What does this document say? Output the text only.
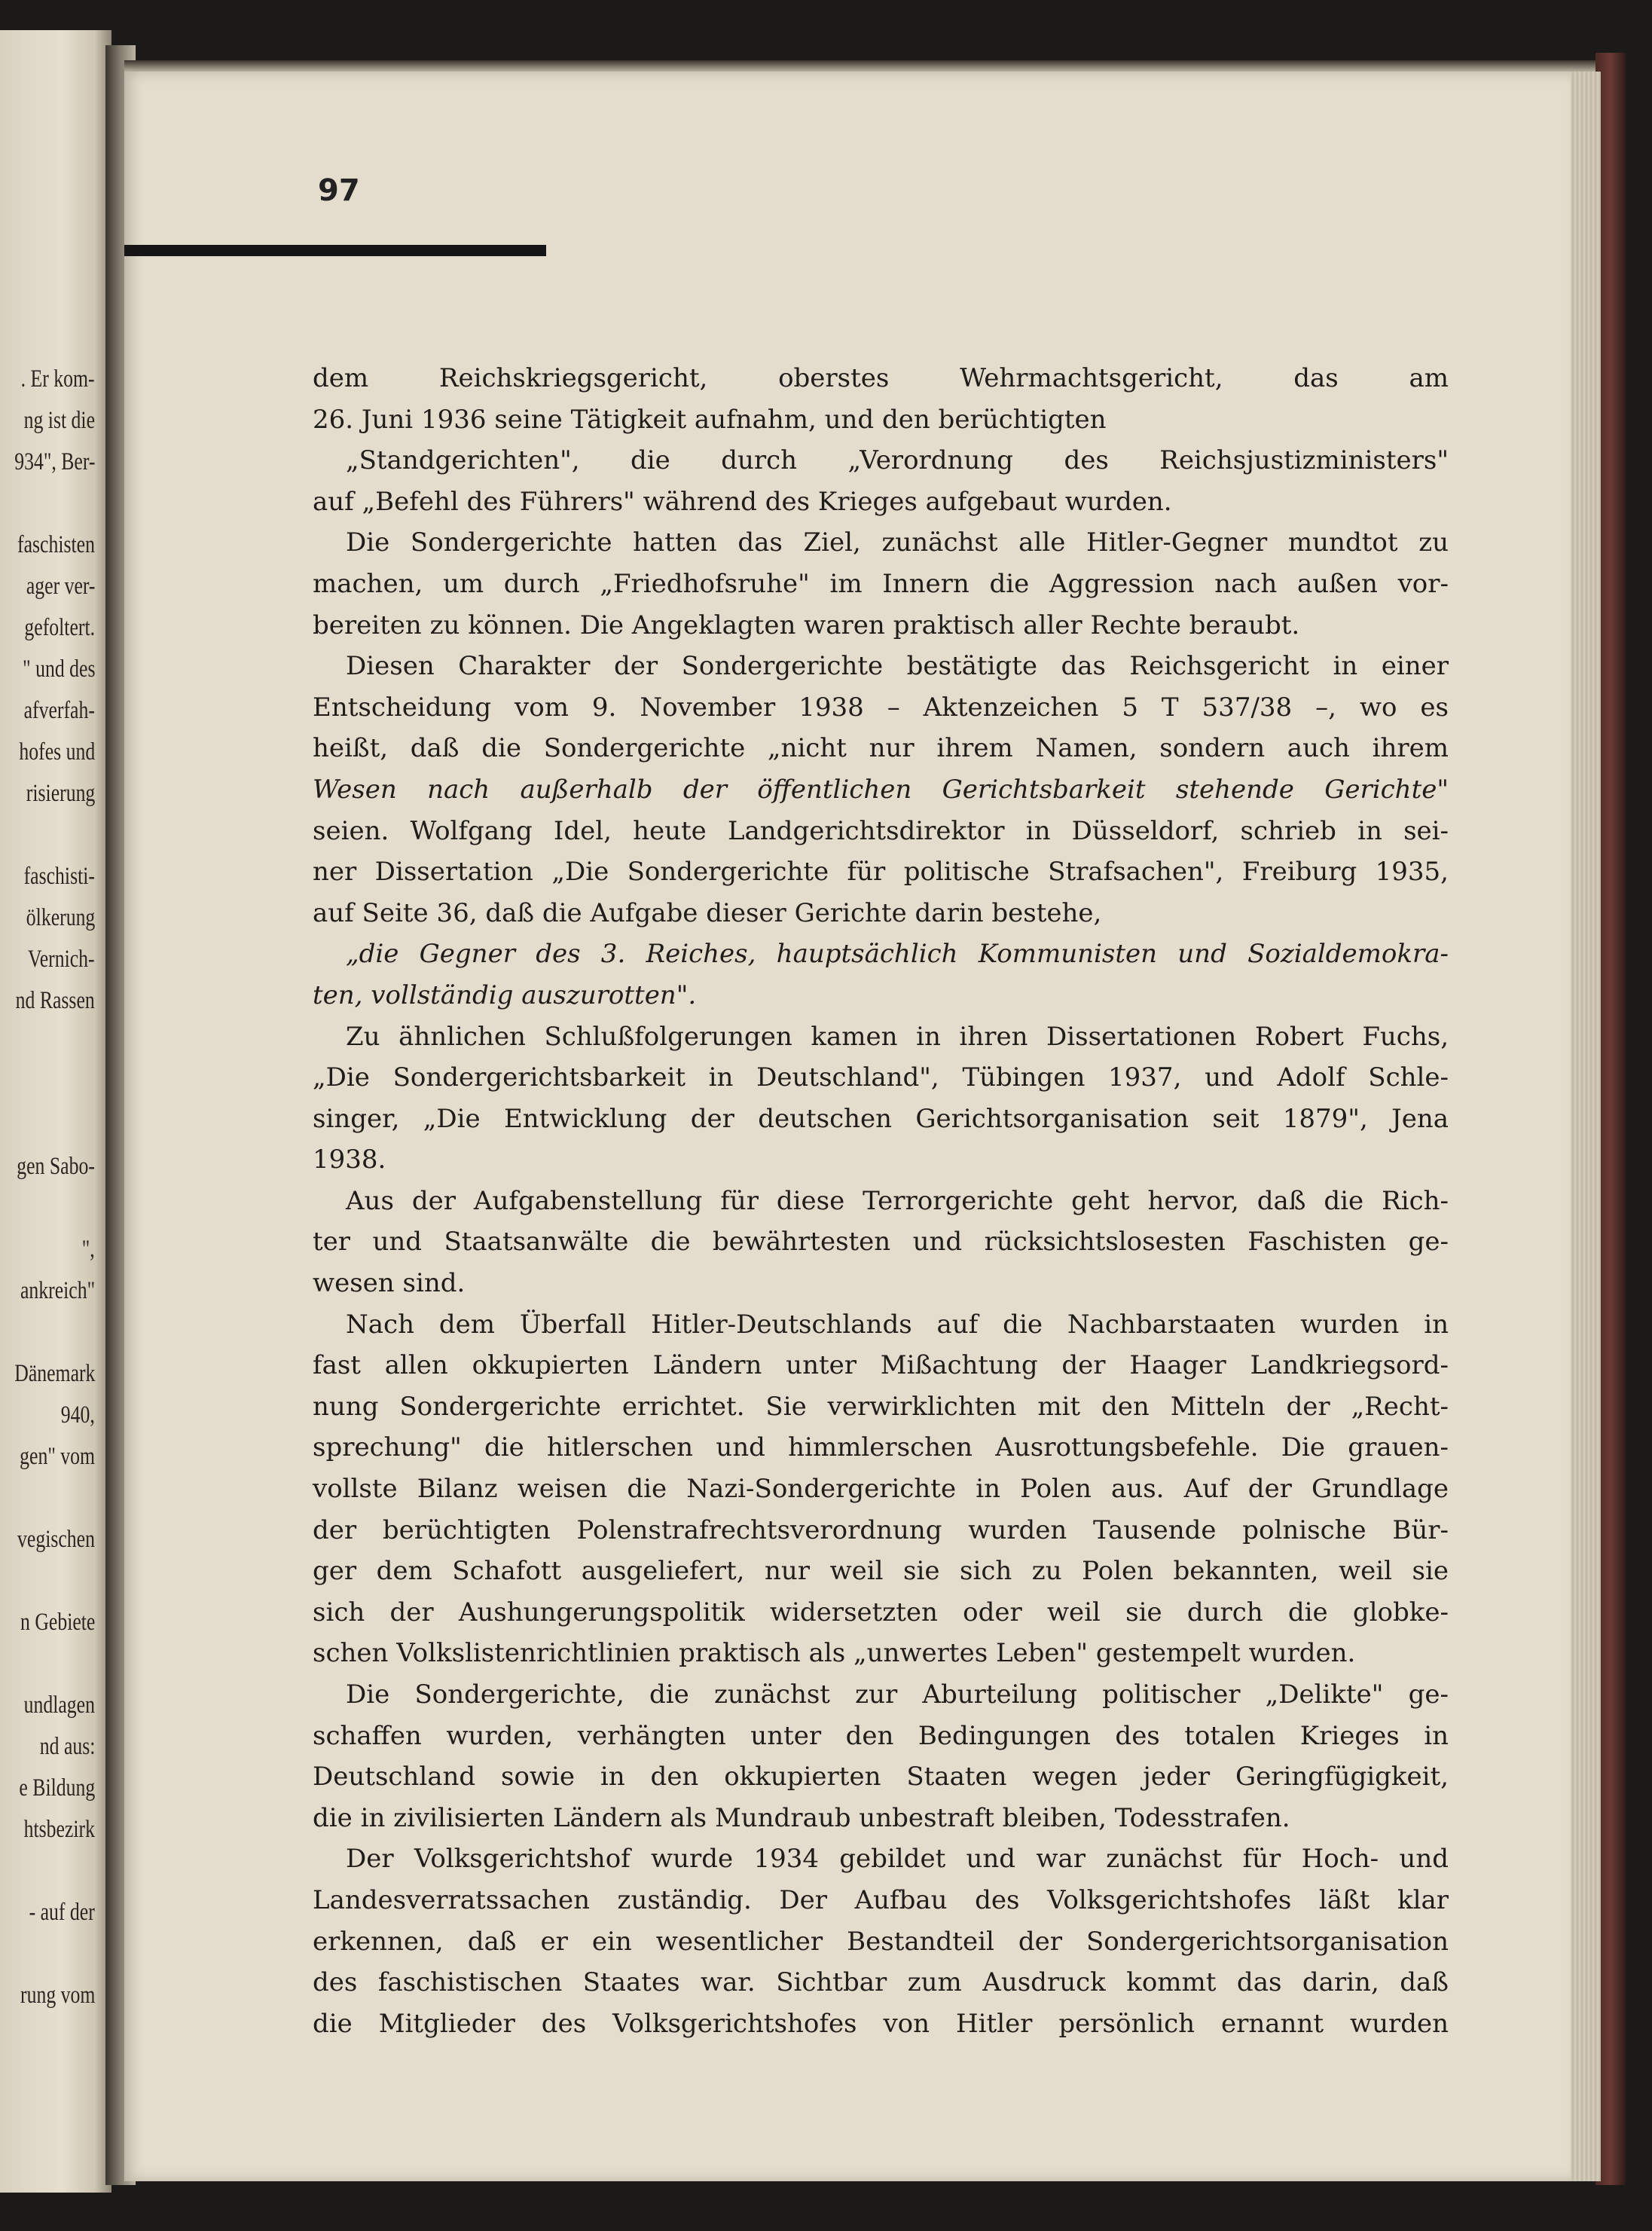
. Er kom-
ng ist die
934", Ber-
faschisten
ager ver-
gefoltert.
" und des
afverfah-
hofes und
risierung
faschisti-
ölkerung
Vernich-
nd Rassen
gen Sabo-
",
ankreich"
Dänemark
940,
gen" vom
vegischen
n Gebiete
undlagen
nd aus:
e Bildung
htsbezirk
- auf der
rung vom
97
dem Reichskriegsgericht, oberstes Wehrmachtsgericht, das am
26. Juni 1936 seine Tätigkeit aufnahm, und den berüchtigten
„Standgerichten", die durch „Verordnung des Reichsjustizministers"
auf „Befehl des Führers" während des Krieges aufgebaut wurden.
Die Sondergerichte hatten das Ziel, zunächst alle Hitler-Gegner mundtot zu
machen, um durch „Friedhofsruhe" im Innern die Aggression nach außen vor-
bereiten zu können. Die Angeklagten waren praktisch aller Rechte beraubt.
Diesen Charakter der Sondergerichte bestätigte das Reichsgericht in einer
Entscheidung vom 9. November 1938 – Aktenzeichen 5 T 537/38 –, wo es
heißt, daß die Sondergerichte „nicht nur ihrem Namen, sondern auch ihrem
Wesen nach außerhalb der öffentlichen Gerichtsbarkeit stehende Gerichte"
seien. Wolfgang Idel, heute Landgerichtsdirektor in Düsseldorf, schrieb in sei-
ner Dissertation „Die Sondergerichte für politische Strafsachen", Freiburg 1935,
auf Seite 36, daß die Aufgabe dieser Gerichte darin bestehe,
„die Gegner des 3. Reiches, hauptsächlich Kommunisten und Sozialdemokra-
ten, vollständig auszurotten".
Zu ähnlichen Schlußfolgerungen kamen in ihren Dissertationen Robert Fuchs,
„Die Sondergerichtsbarkeit in Deutschland", Tübingen 1937, und Adolf Schle-
singer, „Die Entwicklung der deutschen Gerichtsorganisation seit 1879", Jena
1938.
Aus der Aufgabenstellung für diese Terrorgerichte geht hervor, daß die Rich-
ter und Staatsanwälte die bewährtesten und rücksichtslosesten Faschisten ge-
wesen sind.
Nach dem Überfall Hitler-Deutschlands auf die Nachbarstaaten wurden in
fast allen okkupierten Ländern unter Mißachtung der Haager Landkriegsord-
nung Sondergerichte errichtet. Sie verwirklichten mit den Mitteln der „Recht-
sprechung" die hitlerschen und himmlerschen Ausrottungsbefehle. Die grauen-
vollste Bilanz weisen die Nazi-Sondergerichte in Polen aus. Auf der Grundlage
der berüchtigten Polenstrafrechtsverordnung wurden Tausende polnische Bür-
ger dem Schafott ausgeliefert, nur weil sie sich zu Polen bekannten, weil sie
sich der Aushungerungspolitik widersetzten oder weil sie durch die globke-
schen Volkslistenrichtlinien praktisch als „unwertes Leben" gestempelt wurden.
Die Sondergerichte, die zunächst zur Aburteilung politischer „Delikte" ge-
schaffen wurden, verhängten unter den Bedingungen des totalen Krieges in
Deutschland sowie in den okkupierten Staaten wegen jeder Geringfügigkeit,
die in zivilisierten Ländern als Mundraub unbestraft bleiben, Todesstrafen.
Der Volksgerichtshof wurde 1934 gebildet und war zunächst für Hoch- und
Landesverratssachen zuständig. Der Aufbau des Volksgerichtshofes läßt klar
erkennen, daß er ein wesentlicher Bestandteil der Sondergerichtsorganisation
des faschistischen Staates war. Sichtbar zum Ausdruck kommt das darin, daß
die Mitglieder des Volksgerichtshofes von Hitler persönlich ernannt wurden
